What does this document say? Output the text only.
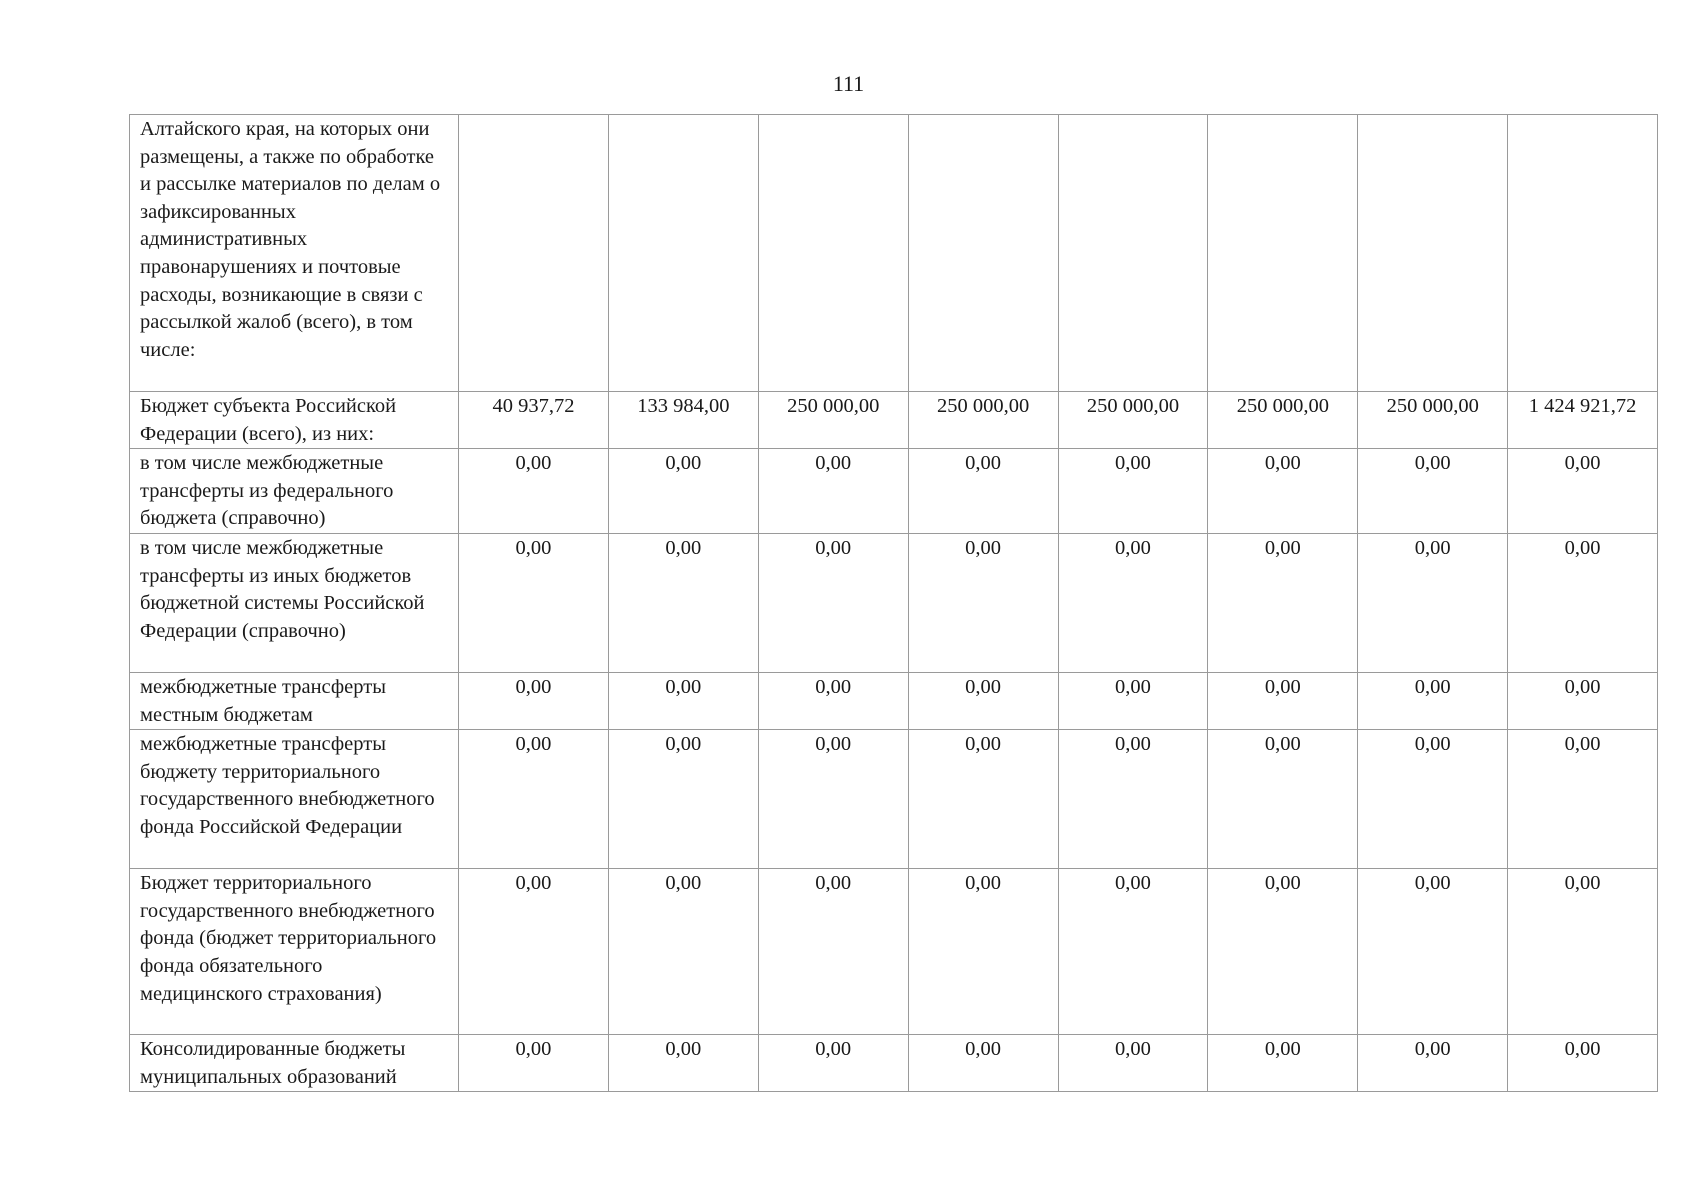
111
Алтайского края, на которых они размещены, а также по обработке и рассылке материалов по делам о зафиксированных административных правонарушениях и почтовые расходы, возникающие в связи с рассылкой жалоб (всего), в том числе:								
Бюджет субъекта Российской Федерации (всего), из них:	40 937,72	133 984,00	250 000,00	250 000,00	250 000,00	250 000,00	250 000,00	1 424 921,72
в том числе межбюджетные трансферты из федерального бюджета (справочно)	0,00	0,00	0,00	0,00	0,00	0,00	0,00	0,00
в том числе межбюджетные трансферты из иных бюджетов бюджетной системы Российской Федерации (справочно)	0,00	0,00	0,00	0,00	0,00	0,00	0,00	0,00
межбюджетные трансферты местным бюджетам	0,00	0,00	0,00	0,00	0,00	0,00	0,00	0,00
межбюджетные трансферты бюджету территориального государственного внебюджетного фонда Российской Федерации	0,00	0,00	0,00	0,00	0,00	0,00	0,00	0,00
Бюджет территориального государственного внебюджетного фонда (бюджет территориального фонда обязательного медицинского страхования)	0,00	0,00	0,00	0,00	0,00	0,00	0,00	0,00
Консолидированные бюджеты муниципальных образований	0,00	0,00	0,00	0,00	0,00	0,00	0,00	0,00
